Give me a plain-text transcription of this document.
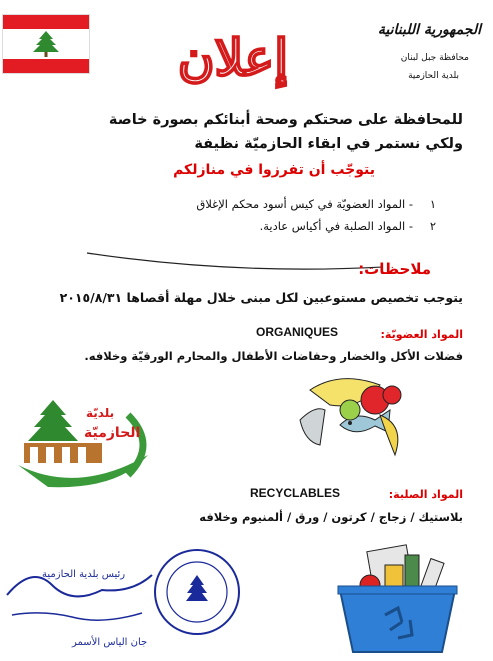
الجمهورية اللبنانية
محافظة جبل لبنان
بلدية الحازمية
إعلان
للمحافظة على صحتكم وصحة أبنائكم بصورة خاصة
ولكي نستمر في ابقاء الحازميّة نظيفة
يتوجّب أن تفرزوا في منازلكم
١- المواد العضويّة في كيس أسود محكم الإغلاق
٢- المواد الصلبة في أكياس عادية.
ملاحظات:
يتوجب تخصيص مستوعبين لكل مبنى خلال مهلة أقصاها ٢٠١٥/٨/٣١
المواد العضويّة:
ORGANIQUES
فضلات الأكل والخضار وحفاضات الأطفال والمحارم الورقيّة وخلافه.
بلديّة
الحازميّة
المواد الصلبة:
RECYCLABLES
بلاستيك / زجاج / كرتون / ورق / ألمنيوم وخلافه
رئيس بلدية الحازمية
جان الياس الأسمر
